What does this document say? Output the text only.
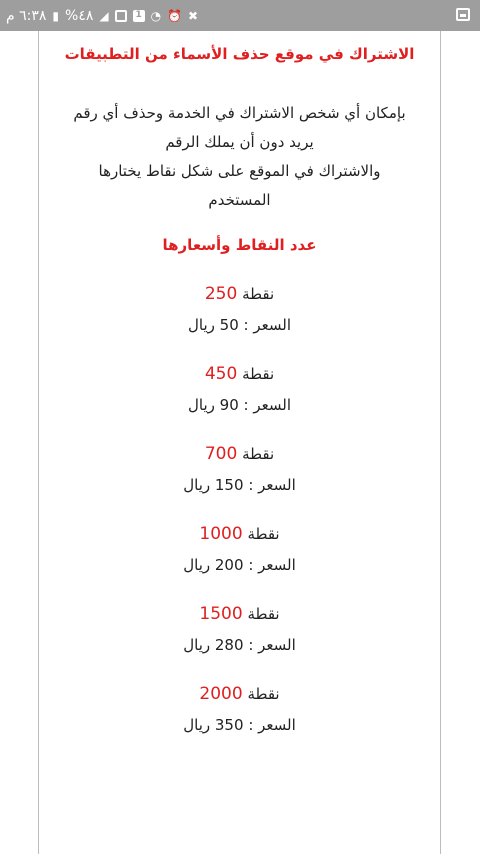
٦:٣٨ م ▮ %٤٨ ◢	1 ◔ ⏰ ✖
الاشتراك في موقع حذف الأسماء من التطبيقات
بإمكان أي شخص الاشتراك في الخدمة وحذف أي رقم
يريد دون أن يملك الرقم
والاشتراك في الموقع على شكل نقاط يختارها
المستخدم
عدد النقاط وأسعارها
نقطة 250
السعر : 50 ريال
نقطة 450
السعر : 90 ريال
نقطة 700
السعر : 150 ريال
نقطة 1000
السعر : 200 ريال
نقطة 1500
السعر : 280 ريال
نقطة 2000
السعر : 350 ريال
